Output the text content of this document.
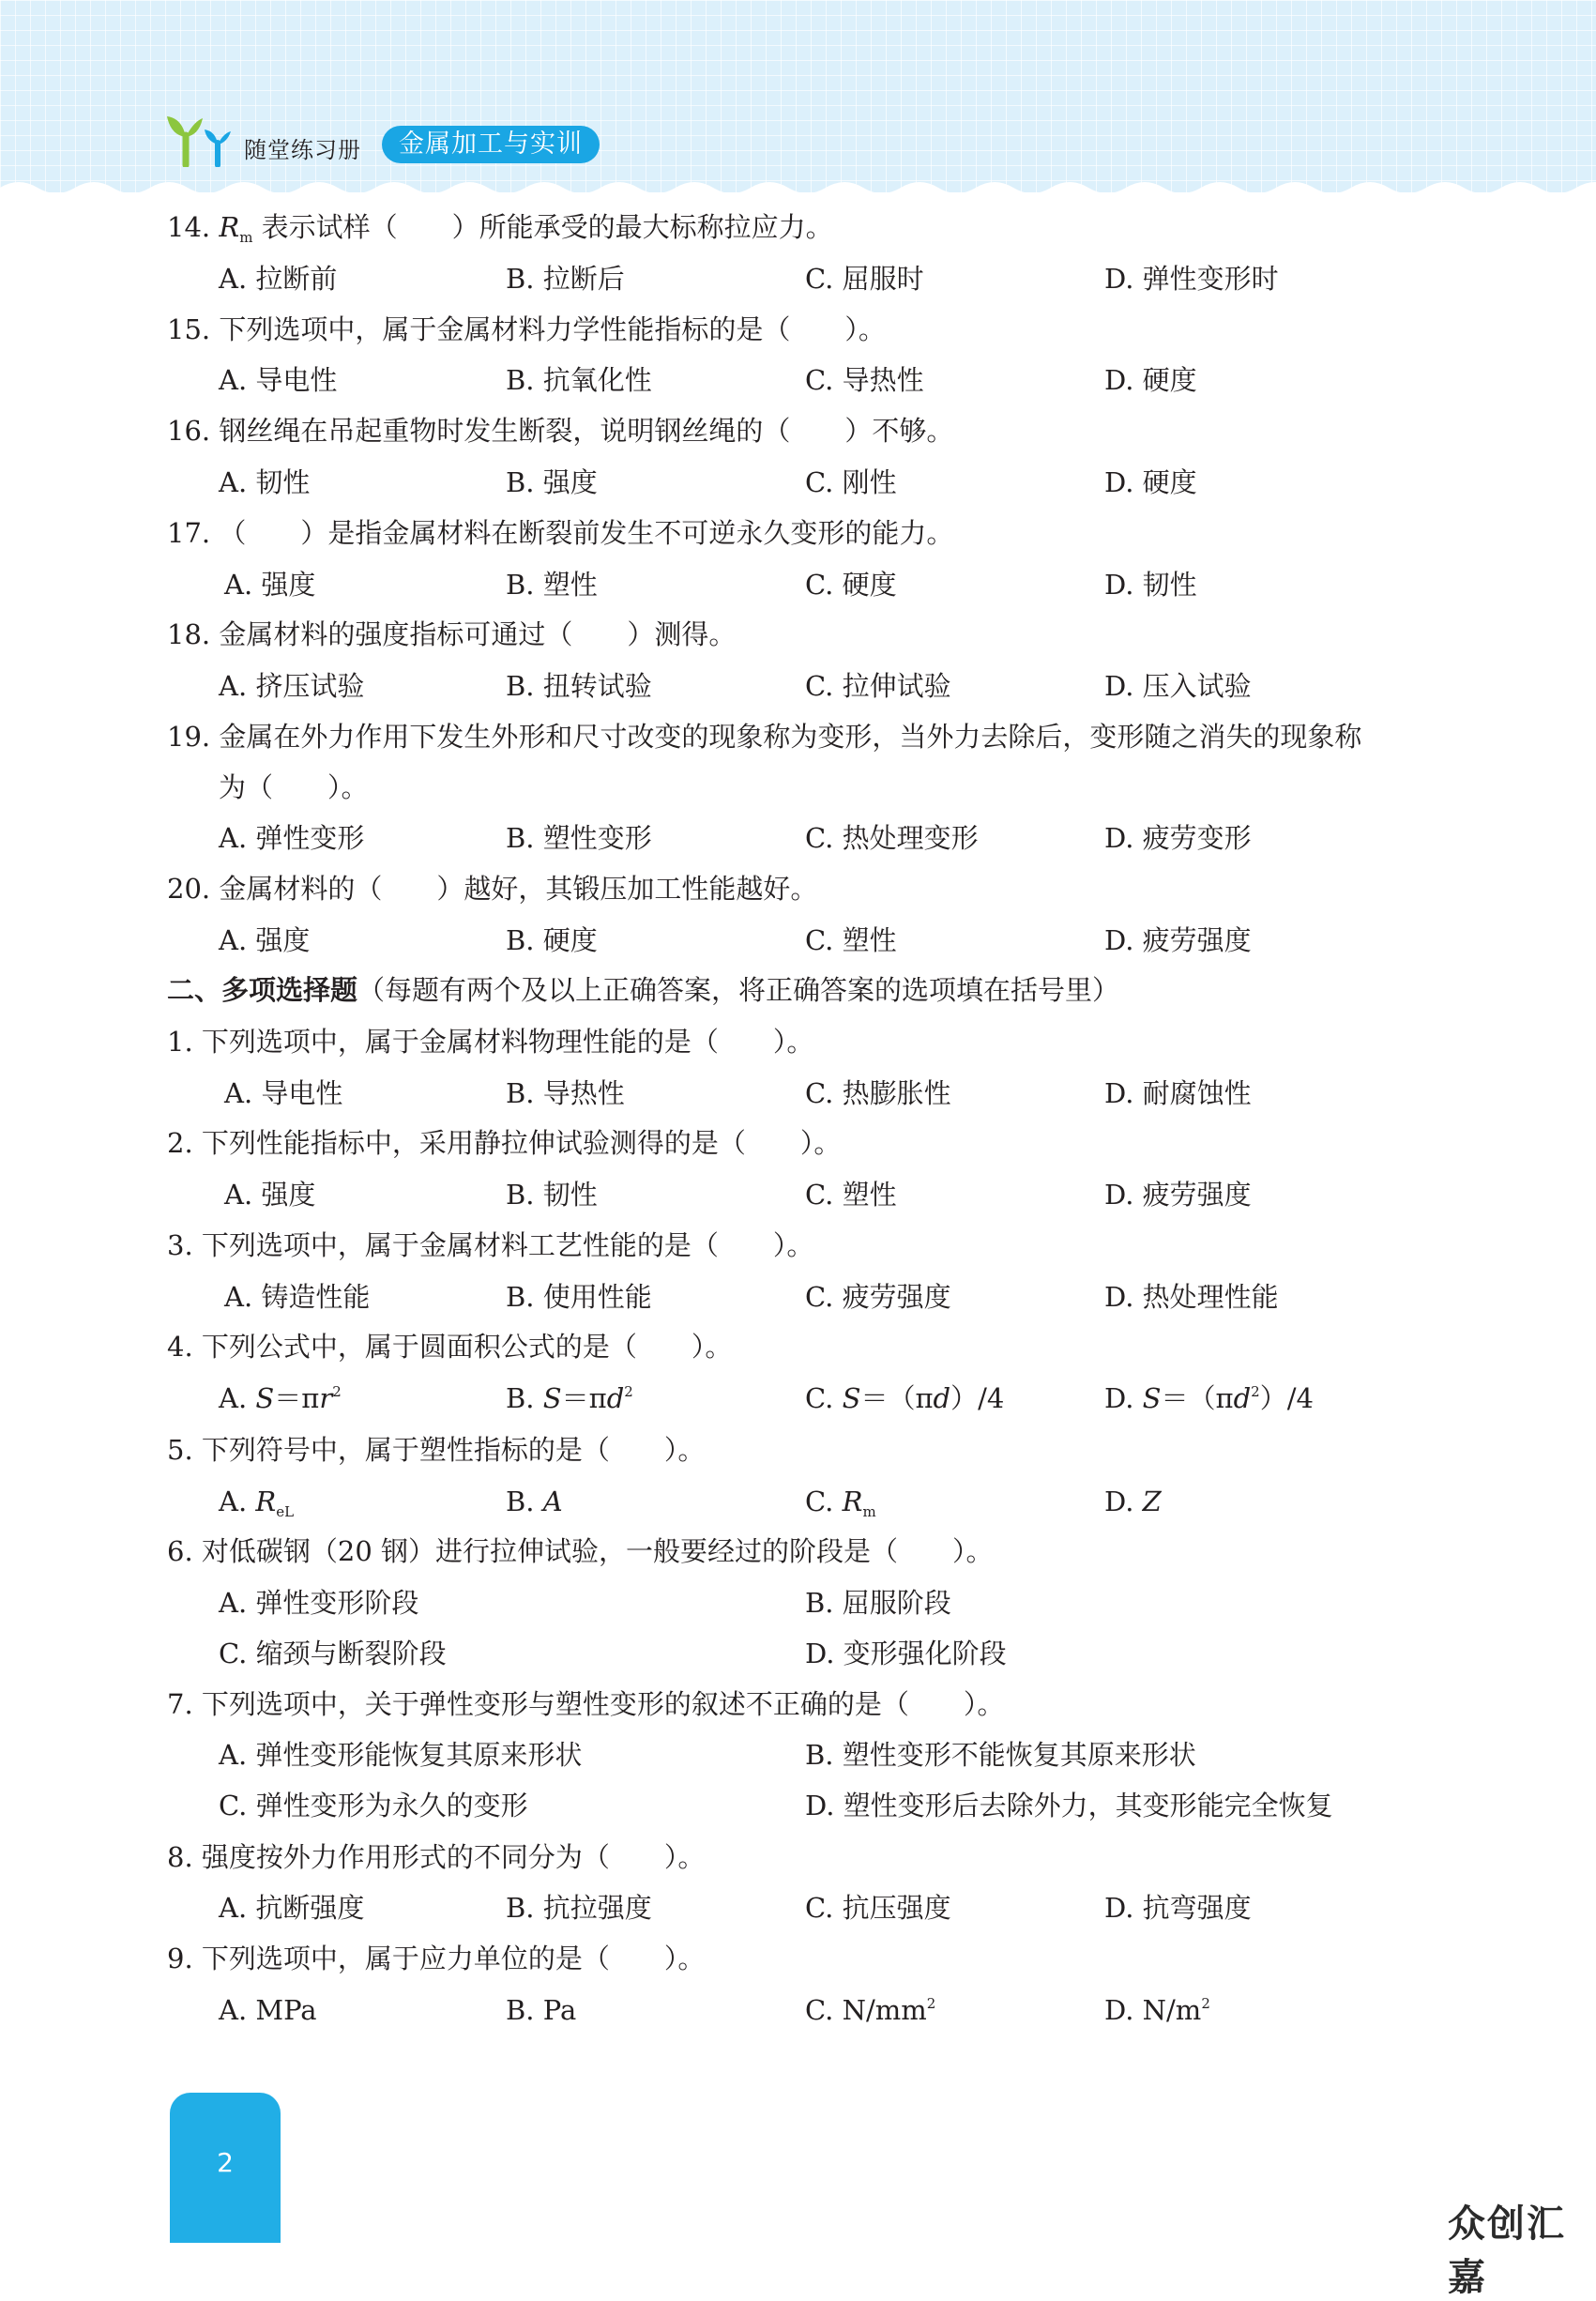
随堂练习册	金属加工与实训
14. $R_m$ 表示试样（　　）所能承受的最大标称拉应力。
A. 拉断前	B. 拉断后	C. 屈服时	D. 弹性变形时
15. 下列选项中，属于金属材料力学性能指标的是（　　）。
A. 导电性	B. 抗氧化性	C. 导热性	D. 硬度
16. 钢丝绳在吊起重物时发生断裂，说明钢丝绳的（　　）不够。
A. 韧性	B. 强度	C. 刚性	D. 硬度
17. （　　）是指金属材料在断裂前发生不可逆永久变形的能力。
A. 强度	B. 塑性	C. 硬度	D. 韧性
18. 金属材料的强度指标可通过（　　）测得。
A. 挤压试验	B. 扭转试验	C. 拉伸试验	D. 压入试验
19. 金属在外力作用下发生外形和尺寸改变的现象称为变形，当外力去除后，变形随之消失的现象称
为（　　）。
A. 弹性变形	B. 塑性变形	C. 热处理变形	D. 疲劳变形
20. 金属材料的（　　）越好，其锻压加工性能越好。
A. 强度	B. 硬度	C. 塑性	D. 疲劳强度
二、多项选择题（每题有两个及以上正确答案，将正确答案的选项填在括号里）
1. 下列选项中，属于金属材料物理性能的是（　　）。
A. 导电性	B. 导热性	C. 热膨胀性	D. 耐腐蚀性
2. 下列性能指标中，采用静拉伸试验测得的是（　　）。
A. 强度	B. 韧性	C. 塑性	D. 疲劳强度
3. 下列选项中，属于金属材料工艺性能的是（　　）。
A. 铸造性能	B. 使用性能	C. 疲劳强度	D. 热处理性能
4. 下列公式中，属于圆面积公式的是（　　）。
A. $S=\pi r^2$	B. $S=\pi d^2$	C. S＝（πd）/4	D. $S=(\pi d^2)/4$
5. 下列符号中，属于塑性指标的是（　　）。
A. $R_{eL}$	B. A	C. $R_m$	D. Z
6. 对低碳钢（20 钢）进行拉伸试验，一般要经过的阶段是（　　）。
A. 弹性变形阶段	B. 屈服阶段
C. 缩颈与断裂阶段	D. 变形强化阶段
7. 下列选项中，关于弹性变形与塑性变形的叙述不正确的是（　　）。
A. 弹性变形能恢复其原来形状	B. 塑性变形不能恢复其原来形状
C. 弹性变形为永久的变形	D. 塑性变形后去除外力，其变形能完全恢复
8. 强度按外力作用形式的不同分为（　　）。
A. 抗断强度	B. 抗拉强度	C. 抗压强度	D. 抗弯强度
9. 下列选项中，属于应力单位的是（　　）。
A. MPa	B. Pa	C. $N/mm^2$	D. $N/m^2$
2
众创汇嘉
